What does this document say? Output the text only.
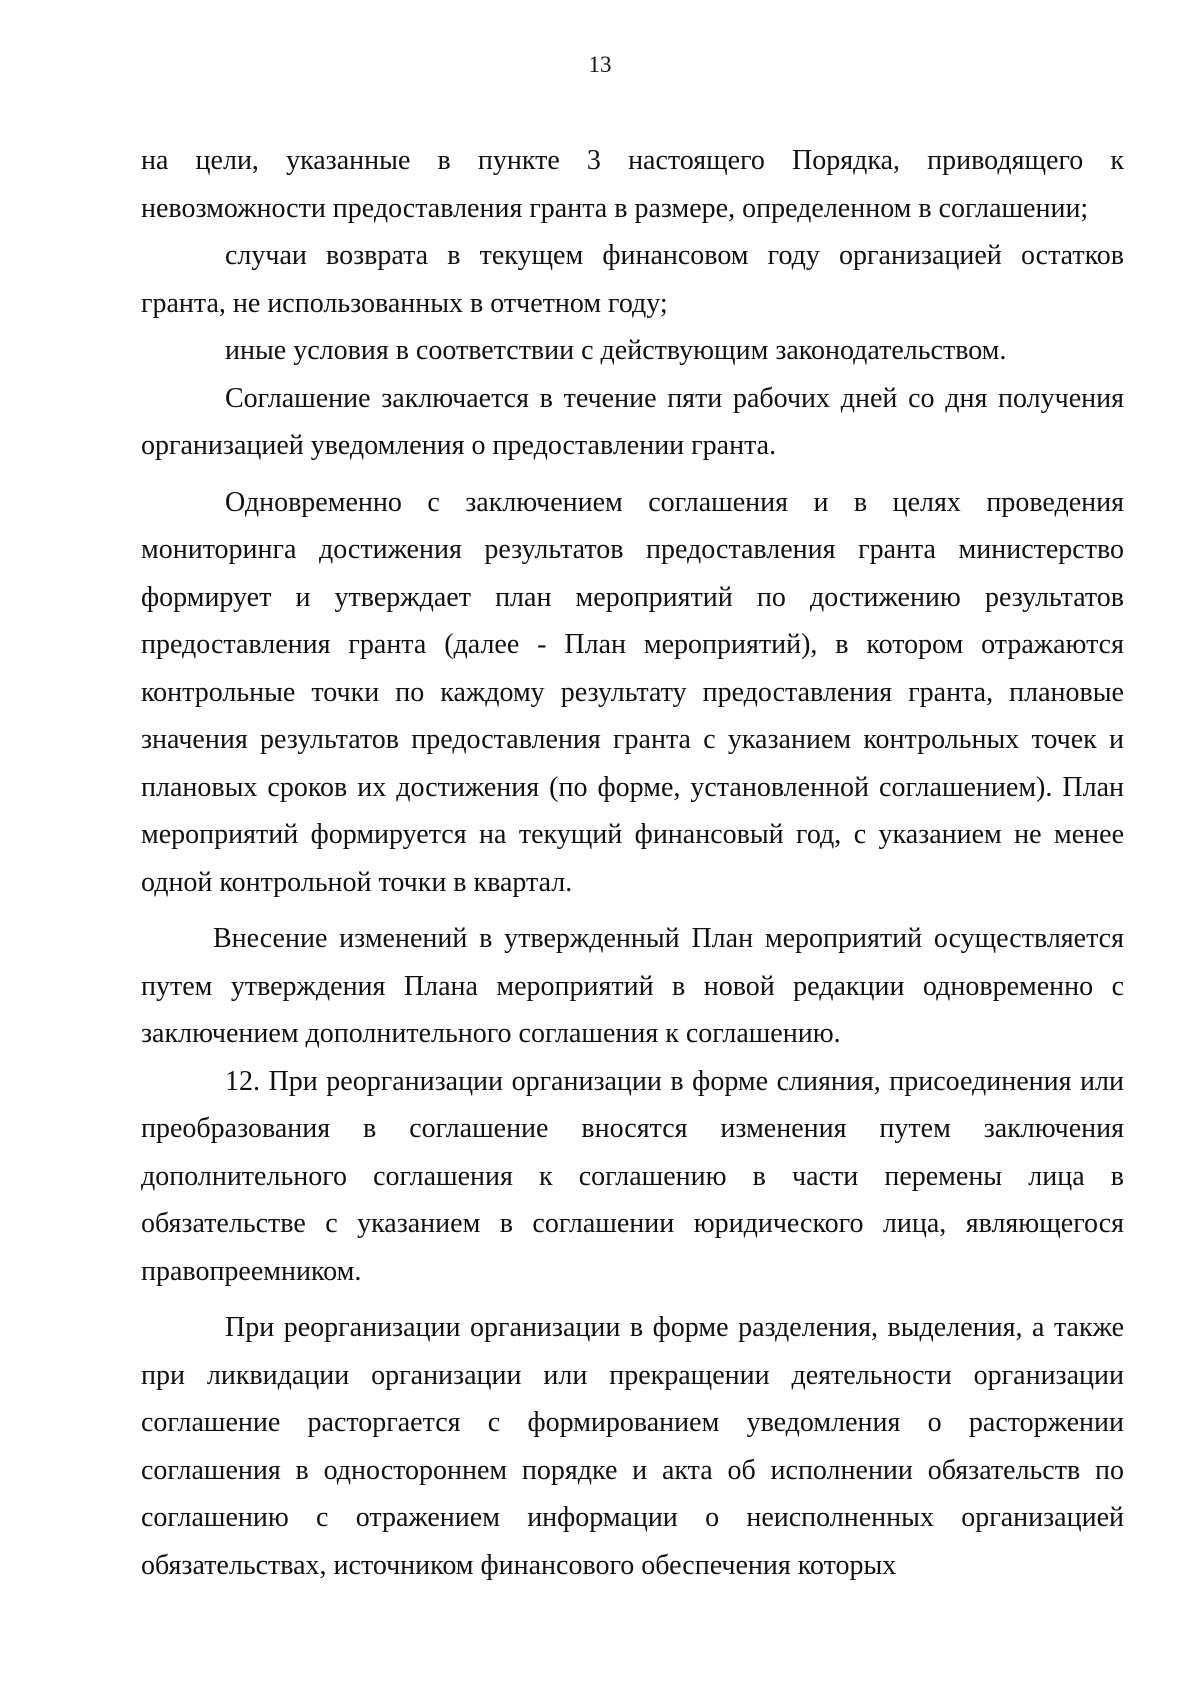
13

на цели, указанные в пункте 3 настоящего Порядка, приводящего к невозможности предоставления гранта в размере, определенном в соглашении;

случаи возврата в текущем финансовом году организацией остатков гранта, не использованных в отчетном году;

иные условия в соответствии с действующим законодательством.

Соглашение заключается в течение пяти рабочих дней со дня получения организацией уведомления о предоставлении гранта.

Одновременно с заключением соглашения и в целях проведения мониторинга достижения результатов предоставления гранта министерство формирует и утверждает план мероприятий по достижению результатов предоставления гранта (далее - План мероприятий), в котором отражаются контрольные точки по каждому результату предоставления гранта, плановые значения результатов предоставления гранта с указанием контрольных точек и плановых сроков их достижения (по форме, установленной соглашением). План мероприятий формируется на текущий финансовый год, с указанием не менее одной контрольной точки в квартал.

Внесение изменений в утвержденный План мероприятий осуществляется путем утверждения Плана мероприятий в новой редакции одновременно с заключением дополнительного соглашения к соглашению.

12. При реорганизации организации в форме слияния, присоединения или преобразования в соглашение вносятся изменения путем заключения дополнительного соглашения к соглашению в части перемены лица в обязательстве с указанием в соглашении юридического лица, являющегося правопреемником.

При реорганизации организации в форме разделения, выделения, а также при ликвидации организации или прекращении деятельности организации соглашение расторгается с формированием уведомления о расторжении соглашения в одностороннем порядке и акта об исполнении обязательств по соглашению с отражением информации о неисполненных организацией обязательствах, источником финансового обеспечения которых
